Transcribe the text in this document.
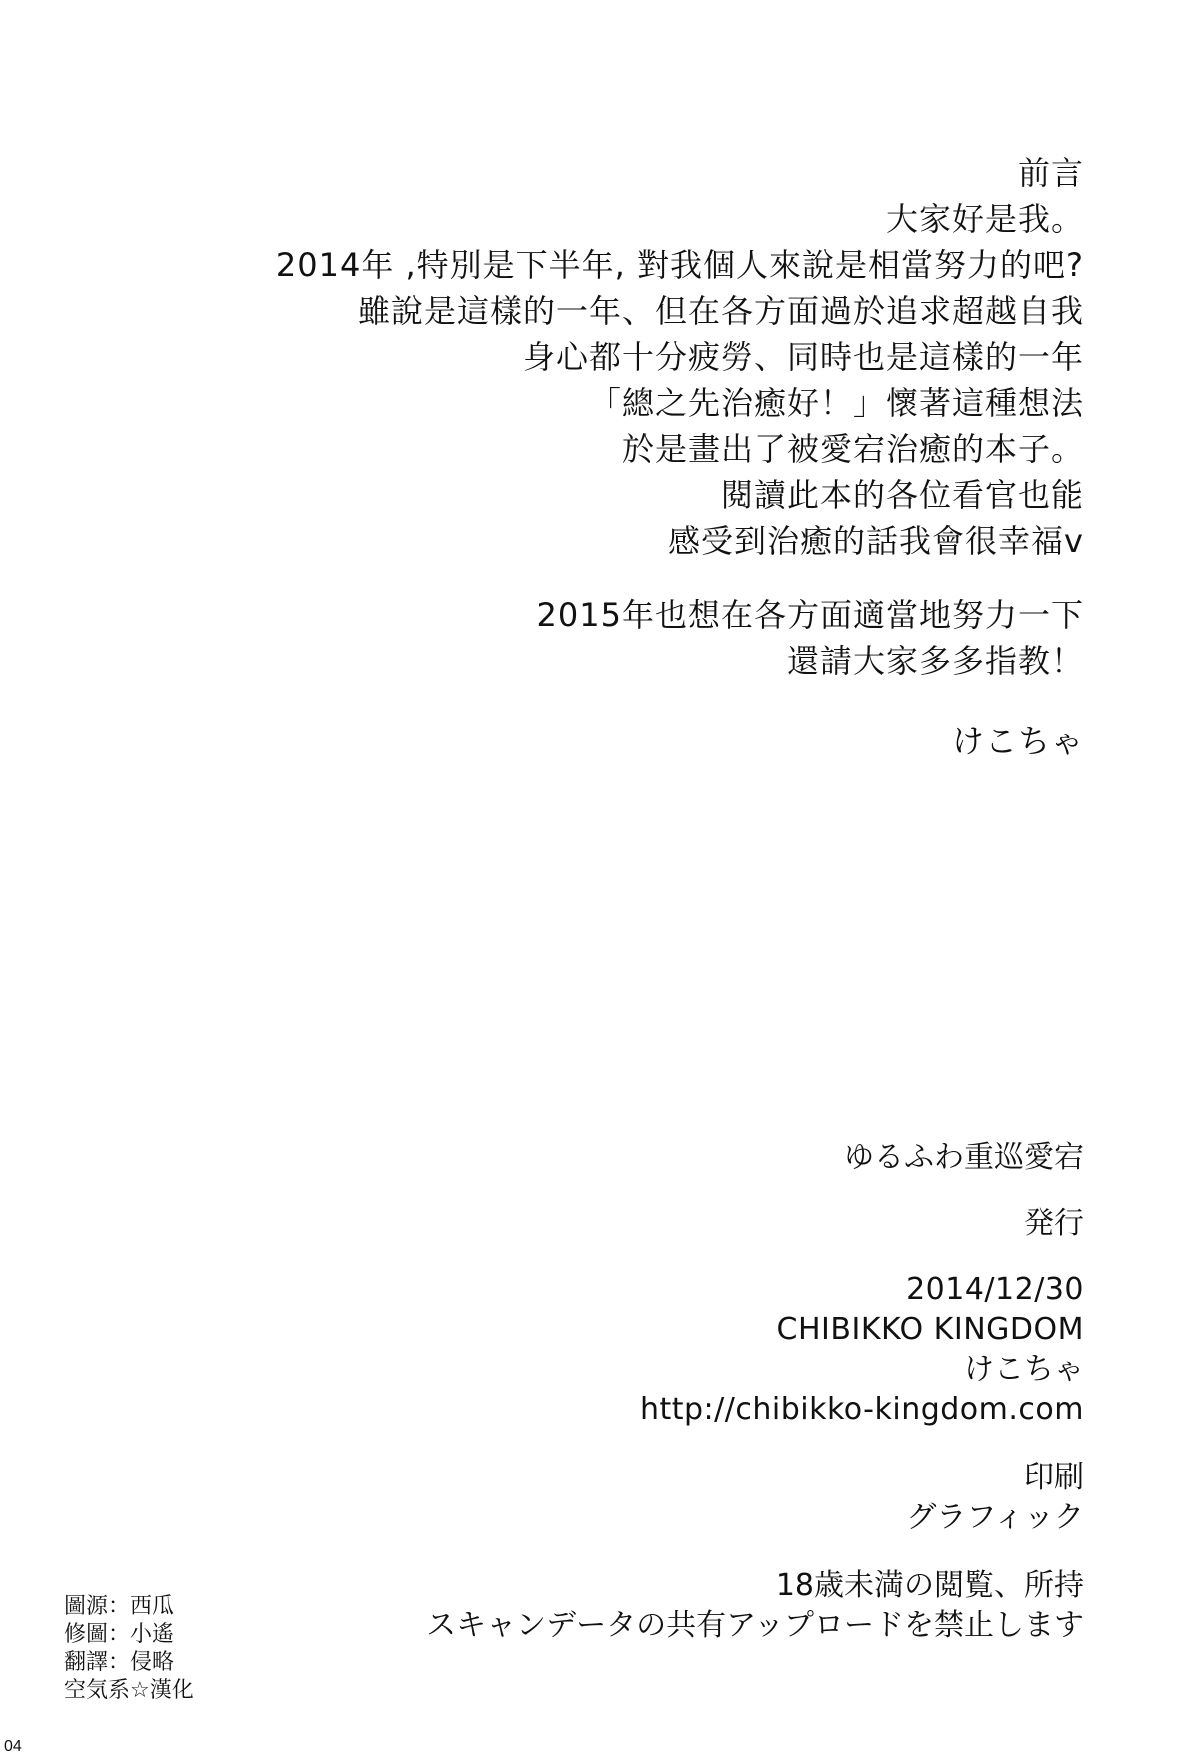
前言
大家好是我。
2014年 ,特別是下半年, 對我個人來說是相當努力的吧?
雖說是這樣的一年、但在各方面過於追求超越自我
身心都十分疲勞、同時也是這樣的一年
「總之先治癒好！」懷著這種想法
於是畫出了被愛宕治癒的本子。
閱讀此本的各位看官也能
感受到治癒的話我會很幸福v
2015年也想在各方面適當地努力一下
還請大家多多指教！
けこちゃ
ゆるふわ重巡愛宕
発行
2014/12/30
CHIBIKKO KINGDOM
けこちゃ
http://chibikko-kingdom.com
印刷
グラフィック
18歳未満の閲覧、所持
スキャンデータの共有アップロードを禁止します
圖源：西瓜
修圖：小遙
翻譯：侵略
空気系☆漢化
04
